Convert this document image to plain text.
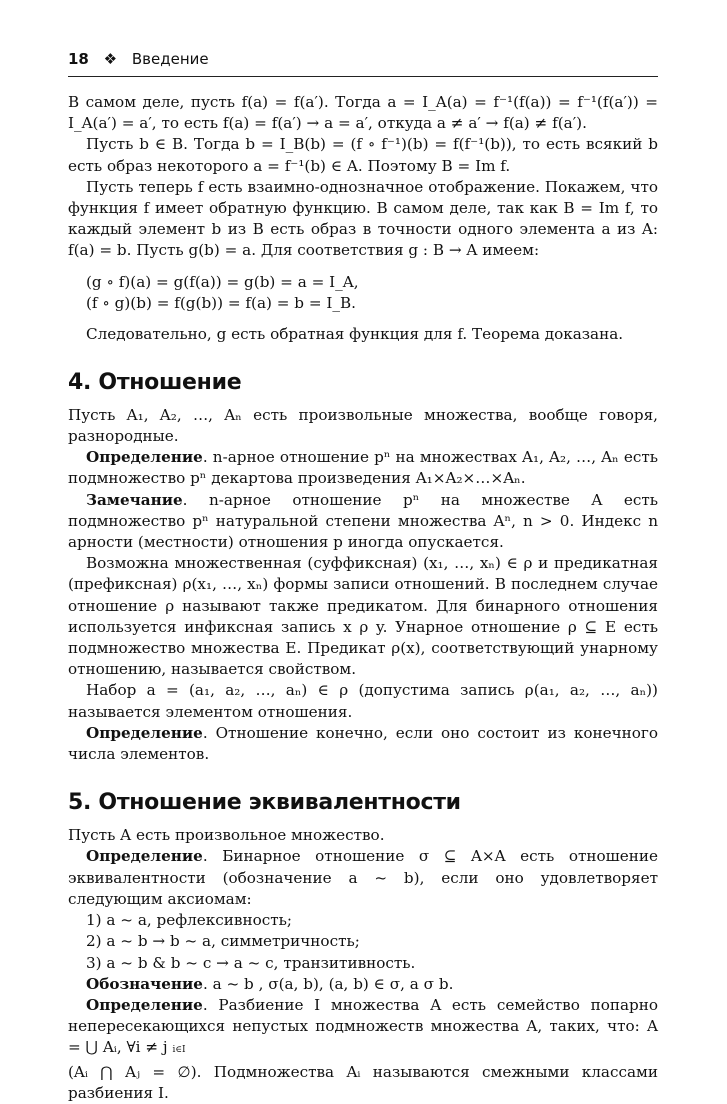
18 ❖ Введение

В самом деле, пусть f(a) = f(a′). Тогда a = I_A(a) = f⁻¹(f(a)) = f⁻¹(f(a′)) = I_A(a′) = a′, то есть f(a) = f(a′) → a = a′, откуда a ≠ a′ → f(a) ≠ f(a′).

Пусть b ∈ B. Тогда b = I_B(b) = (f ∘ f⁻¹)(b) = f(f⁻¹(b)), то есть всякий b есть образ некоторого a = f⁻¹(b) ∈ A. Поэтому B = Im f.

Пусть теперь f есть взаимно-однозначное отображение. Покажем, что функция f имеет обратную функцию. В самом деле, так как B = Im f, то каждый элемент b из B есть образ в точности одного элемента a из A: f(a) = b. Пусть g(b) = a. Для соответствия g : B → A имеем:

(g ∘ f)(a) = g(f(a)) = g(b) = a = I_A,
(f ∘ g)(b) = f(g(b)) = f(a) = b = I_B.

Следовательно, g есть обратная функция для f. Теорема доказана.

4. Отношение

Пусть A₁, A₂, …, Aₙ есть произвольные множества, вообще говоря, разнородные.

Определение. n-арное отношение pⁿ на множествах A₁, A₂, …, Aₙ есть подмножество pⁿ декартова произведения A₁×A₂×…×Aₙ.

Замечание. n-арное отношение pⁿ на множестве A есть подмножество pⁿ натуральной степени множества Aⁿ, n > 0. Индекс n арности (местности) отношения p иногда опускается.

Возможна множественная (суффиксная) (x₁, …, xₙ) ∈ ρ и предикатная (префиксная) ρ(x₁, …, xₙ) формы записи отношений. В последнем случае отношение ρ называют также предикатом. Для бинарного отношения используется инфиксная запись x ρ y. Унарное отношение ρ ⊆ E есть подмножество множества E. Предикат ρ(x), соответствующий унарному отношению, называется свойством.

Набор a = (a₁, a₂, …, aₙ) ∈ ρ (допустима запись ρ(a₁, a₂, …, aₙ)) называется элементом отношения.

Определение. Отношение конечно, если оно состоит из конечного числа элементов.

5. Отношение эквивалентности

Пусть A есть произвольное множество.

Определение. Бинарное отношение σ ⊆ A×A есть отношение эквивалентности (обозначение a ~ b), если оно удовлетворяет следующим аксиомам:

1) a ~ a, рефлексивность;
2) a ~ b → b ~ a, симметричность;
3) a ~ b & b ~ c → a ~ c, транзитивность.

Обозначение. a ~ b , σ(a, b), (a, b) ∈ σ, a σ b.

Определение. Разбиение I множества A есть семейство попарно непересекающихся непустых подмножеств множества A, таких, что: A = ⋃ Aᵢ, ∀i ≠ j i∈I

(Aᵢ ⋂ Aⱼ = ∅). Подмножества Aᵢ называются смежными классами разбиения I.
